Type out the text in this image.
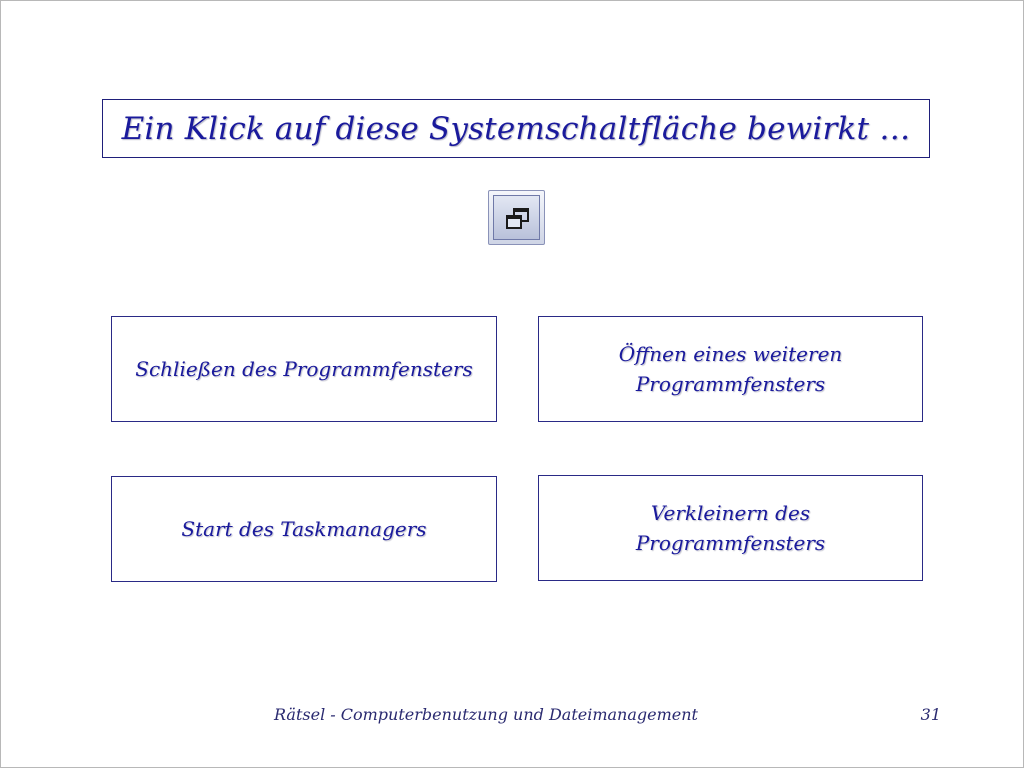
Ein Klick auf diese Systemschaltfläche bewirkt …
Schließen des Programmfensters
Öffnen eines weiteren
Programmfensters
Start des Taskmanagers
Verkleinern des
Programmfensters
Rätsel - Computerbenutzung und Dateimanagement	31
